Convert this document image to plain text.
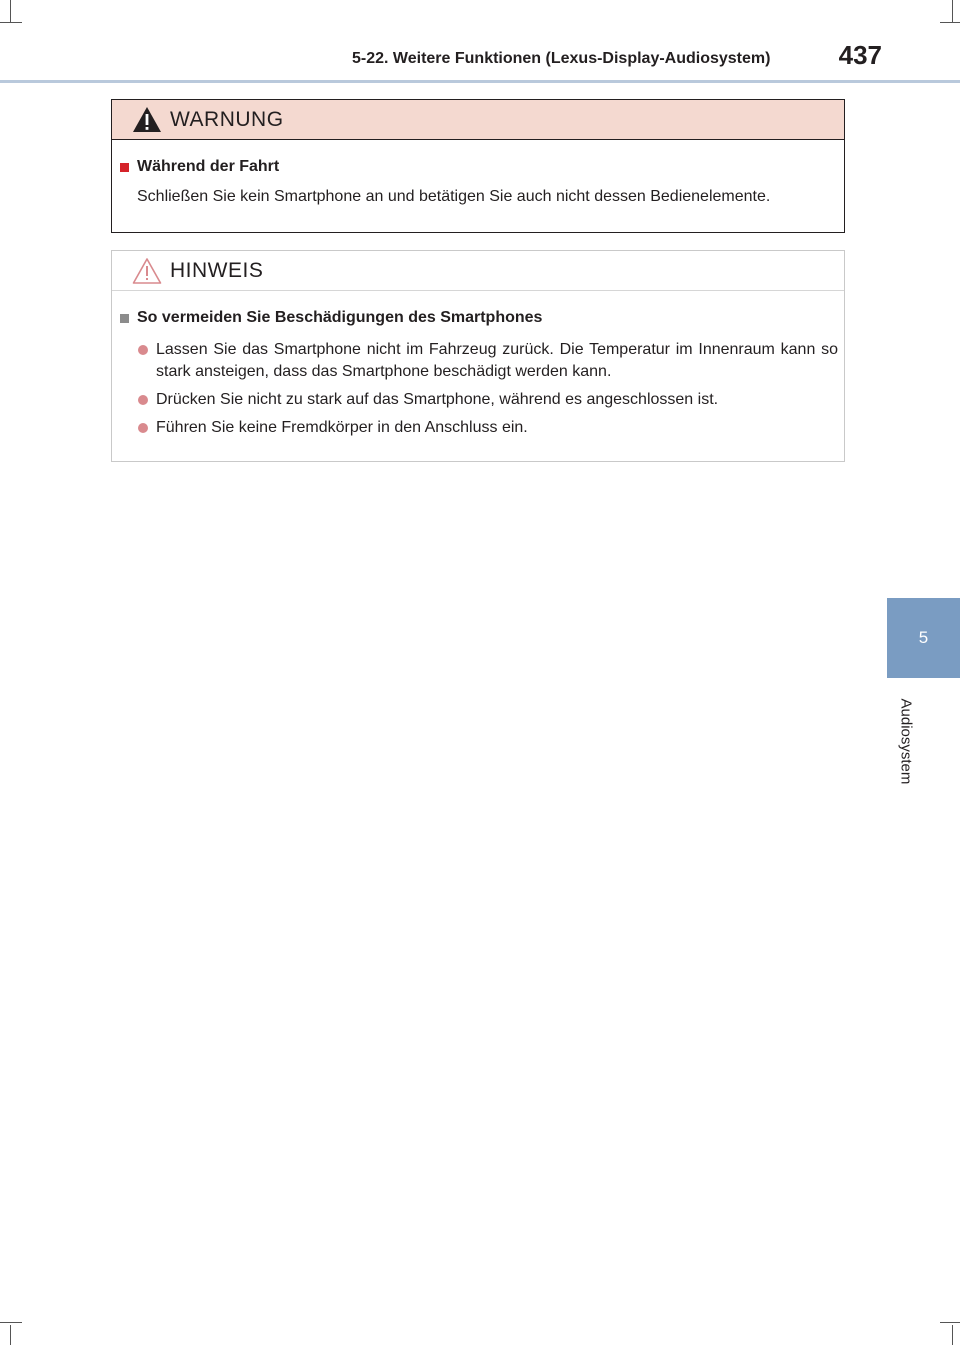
5-22. Weitere Funktionen (Lexus-Display-Audiosystem)	437
5
Audiosystem
WARNUNG
Während der Fahrt
Schließen Sie kein Smartphone an und betätigen Sie auch nicht dessen Bedienelemente.
HINWEIS
So vermeiden Sie Beschädigungen des Smartphones
Lassen Sie das Smartphone nicht im Fahrzeug zurück. Die Temperatur im Innenraum kann so stark ansteigen, dass das Smartphone beschädigt werden kann.
Drücken Sie nicht zu stark auf das Smartphone, während es angeschlossen ist.
Führen Sie keine Fremdkörper in den Anschluss ein.
